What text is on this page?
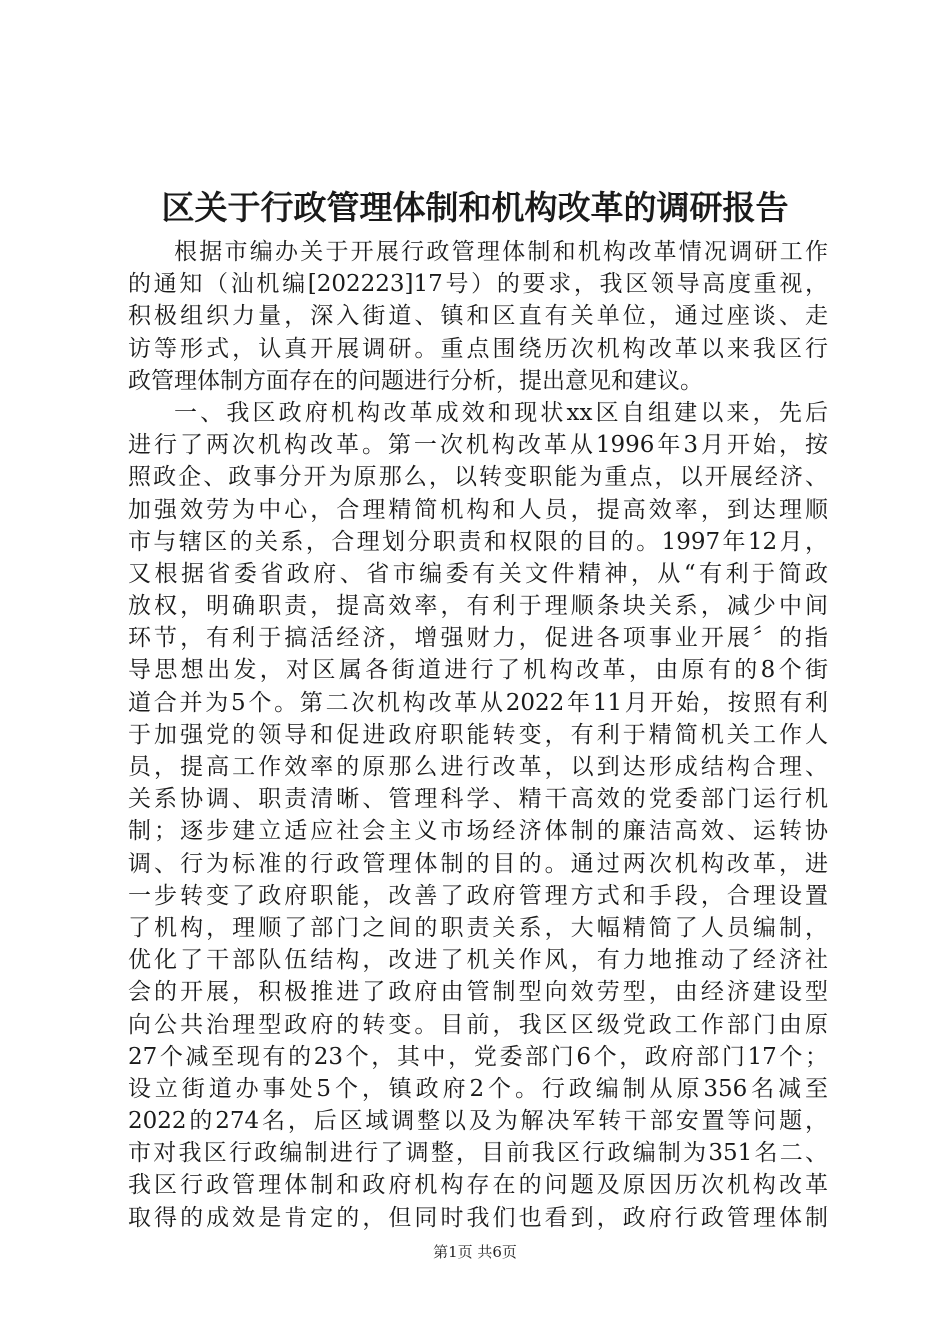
区关于行政管理体制和机构改革的调研报告

根据市编办关于开展行政管理体制和机构改革情况调研工作

的通知（汕机编[202223]17号）的要求，我区领导高度重视，

积极组织力量，深入街道、镇和区直有关单位，通过座谈、走

访等形式，认真开展调研。重点围绕历次机构改革以来我区行

政管理体制方面存在的问题进行分析，提出意见和建议。

一、我区政府机构改革成效和现状xx区自组建以来，先后

进行了两次机构改革。第一次机构改革从1996年3月开始，按

照政企、政事分开为原那么，以转变职能为重点，以开展经济、

加强效劳为中心，合理精简机构和人员，提高效率，到达理顺

市与辖区的关系，合理划分职责和权限的目的。1997年12月，

又根据省委省政府、省市编委有关文件精神，从“有利于简政

放权，明确职责，提高效率，有利于理顺条块关系，减少中间

环节，有利于搞活经济，增强财力，促进各项事业开展〞的指

导思想出发，对区属各街道进行了机构改革，由原有的8个街

道合并为5个。第二次机构改革从2022年11月开始，按照有利

于加强党的领导和促进政府职能转变，有利于精简机关工作人

员，提高工作效率的原那么进行改革，以到达形成结构合理、

关系协调、职责清晰、管理科学、精干高效的党委部门运行机

制；逐步建立适应社会主义市场经济体制的廉洁高效、运转协

调、行为标准的行政管理体制的目的。通过两次机构改革，进

一步转变了政府职能，改善了政府管理方式和手段，合理设置

了机构，理顺了部门之间的职责关系，大幅精简了人员编制，

优化了干部队伍结构，改进了机关作风，有力地推动了经济社

会的开展，积极推进了政府由管制型向效劳型，由经济建设型

向公共治理型政府的转变。目前，我区区级党政工作部门由原

27个减至现有的23个，其中，党委部门6个，政府部门17个；

设立街道办事处5个，镇政府2个。行政编制从原356名减至

2022的274名，后区域调整以及为解决军转干部安置等问题，

市对我区行政编制进行了调整，目前我区行政编制为351名二、

我区行政管理体制和政府机构存在的问题及原因历次机构改革

取得的成效是肯定的，但同时我们也看到，政府行政管理体制

第1页 共6页
